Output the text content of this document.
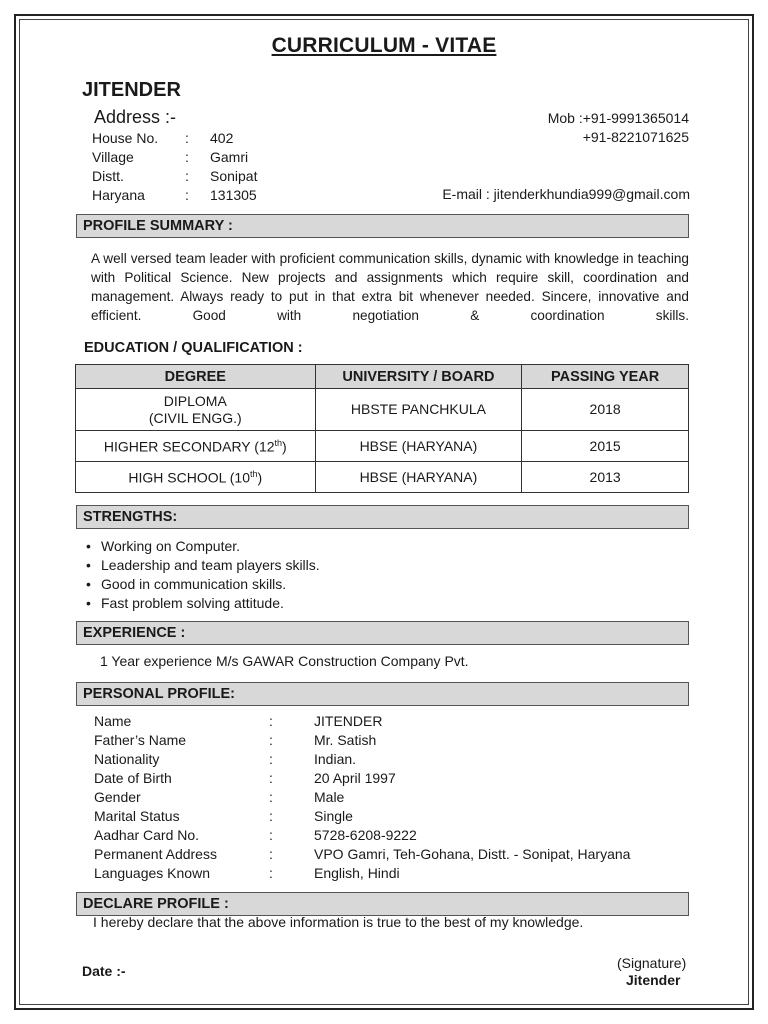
CURRICULUM - VITAE
JITENDER
Address :-
House No.	:	402
Village	:	Gamri
Distt.	:	Sonipat
Haryana	:	131305
Mob :+91-9991365014
+91-8221071625
E-mail : jitenderkhundia999@gmail.com
PROFILE SUMMARY :
A well versed team leader with proficient communication skills, dynamic with knowledge in teaching with Political Science. New projects and assignments which require skill, coordination and management. Always ready to put in that extra bit whenever needed. Sincere, innovative and efficient. Good with negotiation & coordination skills.
EDUCATION / QUALIFICATION :
DEGREE	UNIVERSITY / BOARD	PASSING YEAR

DIPLOMA
(CIVIL ENGG.)	HBSTE PANCHKULA	2018
HIGHER SECONDARY (12th)	HBSE (HARYANA)	2015
HIGH SCHOOL (10th)	HBSE (HARYANA)	2013
STRENGTHS:
• Working on Computer.
• Leadership and team players skills.
• Good in communication skills.
• Fast problem solving attitude.
EXPERIENCE :
1 Year experience M/s GAWAR Construction Company Pvt.
PERSONAL PROFILE:
Name	:	JITENDER
Father’s Name	:	Mr. Satish
Nationality	:	Indian.
Date of Birth	:	20 April 1997
Gender	:	Male
Marital Status	:	Single
Aadhar Card No.	:	5728-6208-9222
Permanent Address	:	VPO Gamri, Teh-Gohana, Distt. - Sonipat, Haryana
Languages Known	:	English, Hindi
DECLARE PROFILE :
I hereby declare that the above information is true to the best of my knowledge.
Date :-	(Signature)
Jitender
